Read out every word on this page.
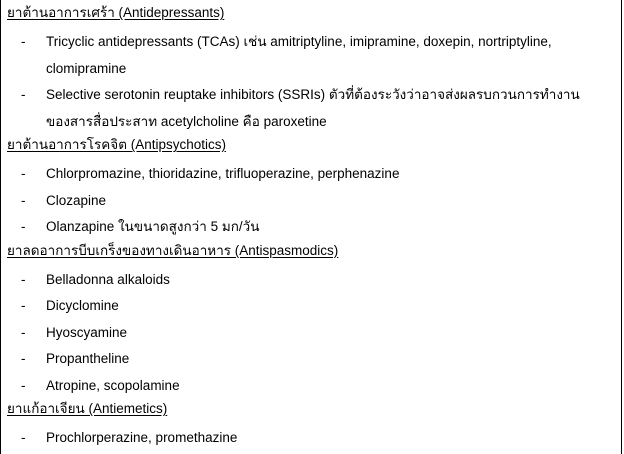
ยาต้านอาการเศร้า (Antidepressants)
- Tricyclic antidepressants (TCAs) เช่น amitriptyline, imipramine, doxepin, nortriptyline,
clomipramine
- Selective serotonin reuptake inhibitors (SSRIs) ตัวที่ต้องระวังว่าอาจส่งผลรบกวนการทำงาน
ของสารสื่อประสาท acetylcholine คือ paroxetine
ยาต้านอาการโรคจิต (Antipsychotics)
- Chlorpromazine, thioridazine, trifluoperazine, perphenazine
- Clozapine
- Olanzapine ในขนาดสูงกว่า 5 มก/วัน
ยาลดอาการบีบเกร็งของทางเดินอาหาร (Antispasmodics)
- Belladonna alkaloids
- Dicyclomine
- Hyoscyamine
- Propantheline
- Atropine, scopolamine
ยาแก้อาเจียน (Antiemetics)
- Prochlorperazine, promethazine
